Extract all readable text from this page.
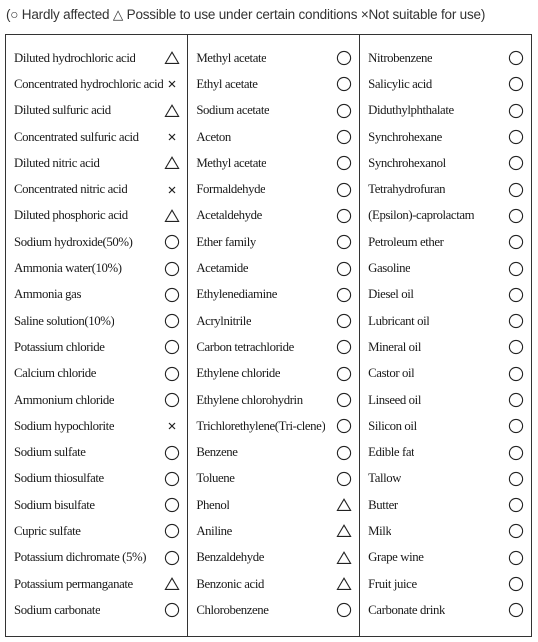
(○ Hardly affected △ Possible to use under certain conditions ×Not suitable for use)
Diluted hydrochloric acid
Concentrated hydrochloric acid
Diluted sulfuric acid
Concentrated sulfuric acid
Diluted nitric acid
Concentrated nitric acid
Diluted phosphoric acid
Sodium hydroxide(50%)
Ammonia water(10%)
Ammonia gas
Saline solution(10%)
Potassium chloride
Calcium chloride
Ammonium chloride
Sodium hypochlorite
Sodium sulfate
Sodium thiosulfate
Sodium bisulfate
Cupric sulfate
Potassium dichromate (5%)
Potassium permanganate
Sodium carbonate
Methyl acetate
Ethyl acetate
Sodium acetate
Aceton
Methyl acetate
Formaldehyde
Acetaldehyde
Ether family
Acetamide
Ethylenediamine
Acrylnitrile
Carbon tetrachloride
Ethylene chloride
Ethylene chlorohydrin
Trichlorethylene(Tri-clene)
Benzene
Toluene
Phenol
Aniline
Benzaldehyde
Benzonic acid
Chlorobenzene
Nitrobenzene
Salicylic acid
Diduthylphthalate
Synchrohexane
Synchrohexanol
Tetrahydrofuran
(Epsilon)-caprolactam
Petroleum ether
Gasoline
Diesel oil
Lubricant oil
Mineral oil
Castor oil
Linseed oil
Silicon oil
Edible fat
Tallow
Butter
Milk
Grape wine
Fruit juice
Carbonate drink
